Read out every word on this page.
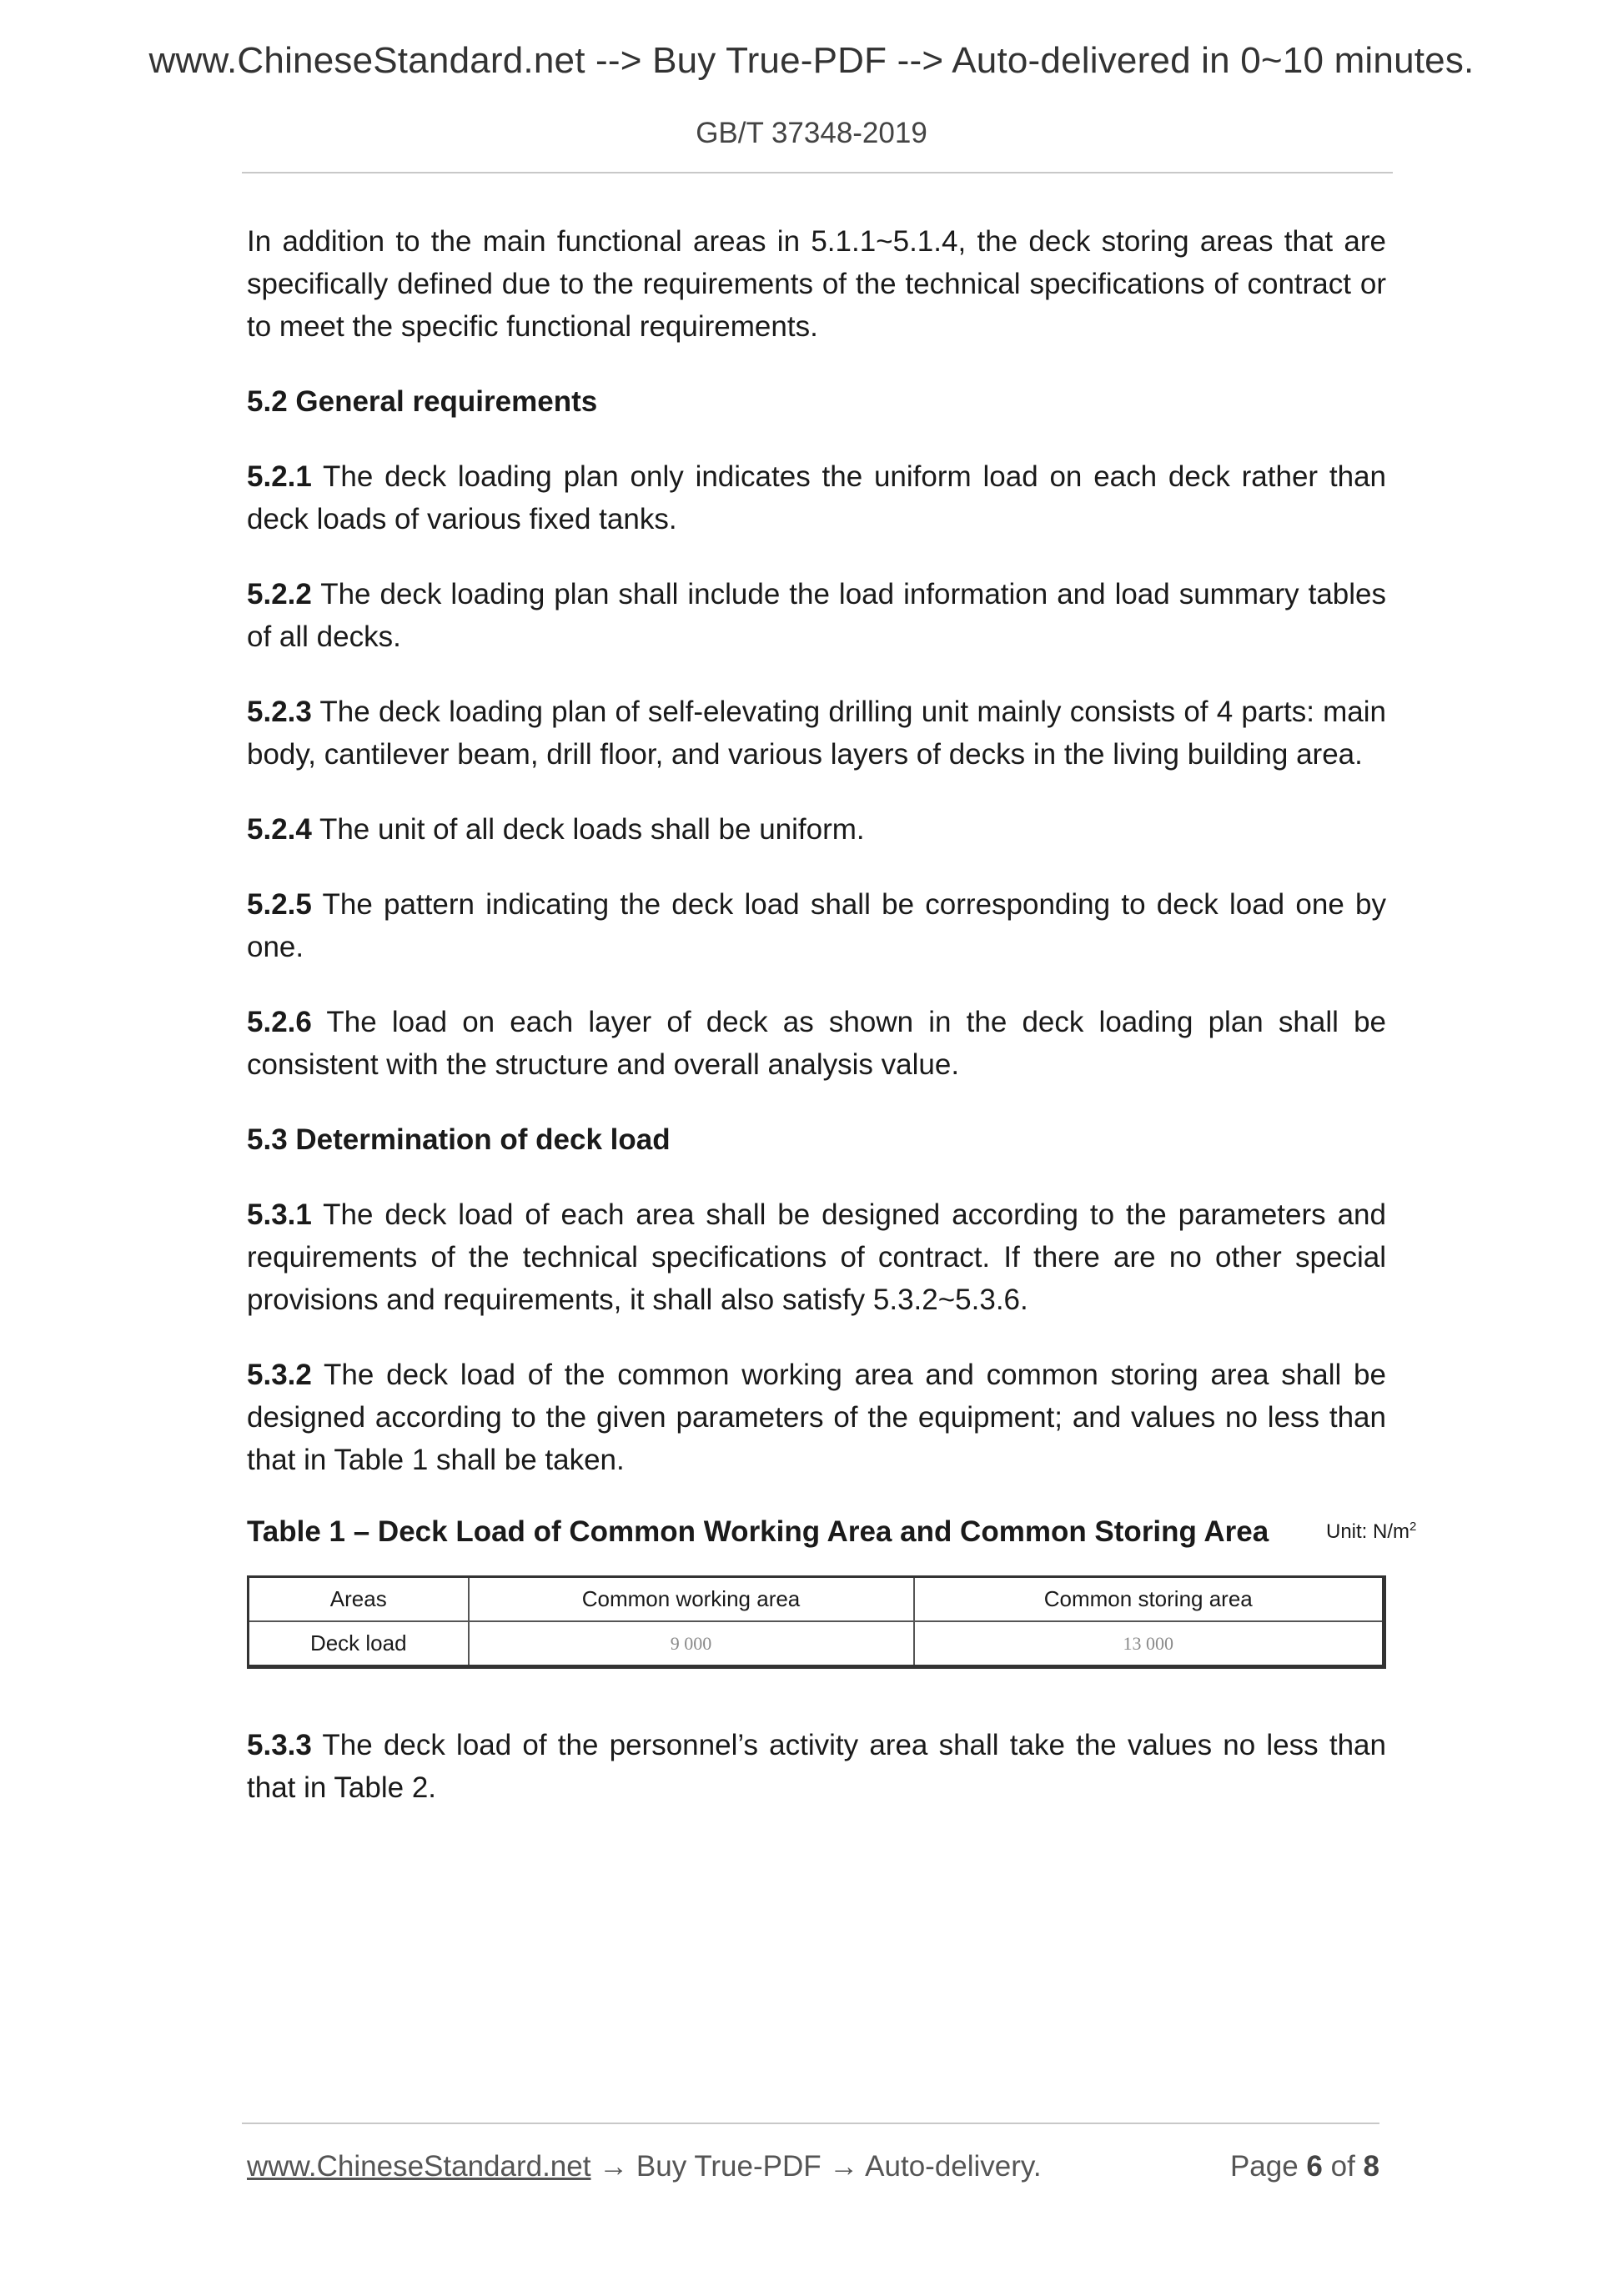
www.ChineseStandard.net --> Buy True-PDF --> Auto-delivered in 0~10 minutes.
GB/T 37348-2019

In addition to the main functional areas in 5.1.1~5.1.4, the deck storing areas that are specifically defined due to the requirements of the technical specifications of contract or to meet the specific functional requirements.

5.2 General requirements

5.2.1 The deck loading plan only indicates the uniform load on each deck rather than deck loads of various fixed tanks.

5.2.2 The deck loading plan shall include the load information and load summary tables of all decks.

5.2.3 The deck loading plan of self-elevating drilling unit mainly consists of 4 parts: main body, cantilever beam, drill floor, and various layers of decks in the living building area.

5.2.4 The unit of all deck loads shall be uniform.

5.2.5 The pattern indicating the deck load shall be corresponding to deck load one by one.

5.2.6 The load on each layer of deck as shown in the deck loading plan shall be consistent with the structure and overall analysis value.

5.3 Determination of deck load

5.3.1 The deck load of each area shall be designed according to the parameters and requirements of the technical specifications of contract. If there are no other special provisions and requirements, it shall also satisfy 5.3.2~5.3.6.

5.3.2 The deck load of the common working area and common storing area shall be designed according to the given parameters of the equipment; and values no less than that in Table 1 shall be taken.

Table 1 – Deck Load of Common Working Area and Common Storing Area	Unit: $N/m^2$
Areas	Common working area	Common storing area
Deck load	9 000	13 000

5.3.3 The deck load of the personnel’s activity area shall take the values no less than that in Table 2.

www.ChineseStandard.net → Buy True-PDF → Auto-delivery.	Page 6 of 8
